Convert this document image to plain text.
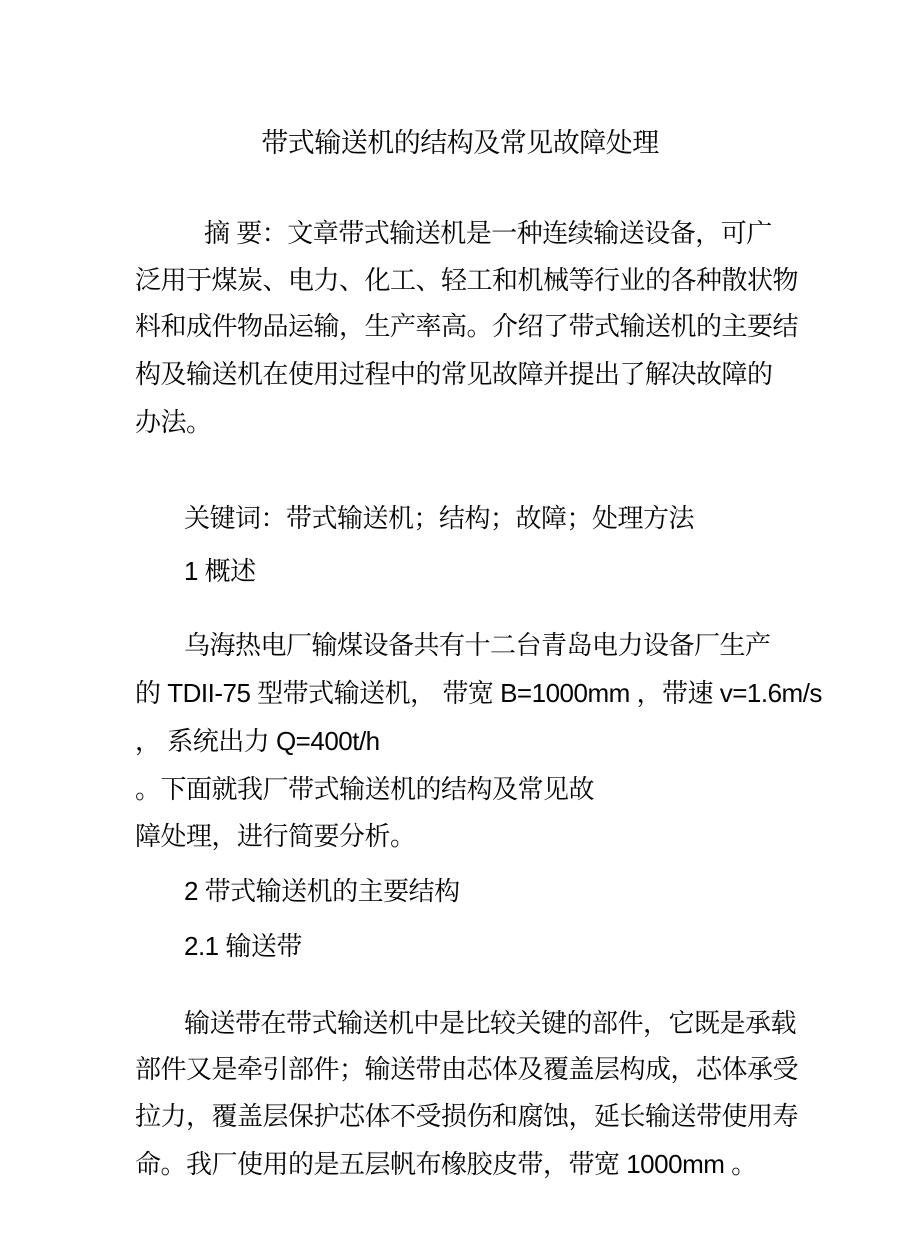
带式输送机的结构及常见故障处理
摘 要：文章带式输送机是一种连续输送设备，可广
泛用于煤炭、电力、化工、轻工和机械等行业的各种散状物
料和成件物品运输，生产率高。介绍了带式输送机的主要结
构及输送机在使用过程中的常见故障并提出了解决故障的
办法。
关键词：带式输送机；结构；故障；处理方法
1 概述
乌海热电厂输煤设备共有十二台青岛电力设备厂生产
的 TDII-75 型带式输送机， 带宽 B=1000mm ，带速 v=1.6m/s
， 系统出力 Q=400t/h
。下面就我厂带式输送机的结构及常见故
障处理，进行简要分析。
2 带式输送机的主要结构
2.1 输送带
输送带在带式输送机中是比较关键的部件，它既是承载
部件又是牵引部件；输送带由芯体及覆盖层构成，芯体承受
拉力，覆盖层保护芯体不受损伤和腐蚀，延长输送带使用寿
命。我厂使用的是五层帆布橡胶皮带，带宽 1000mm 。
